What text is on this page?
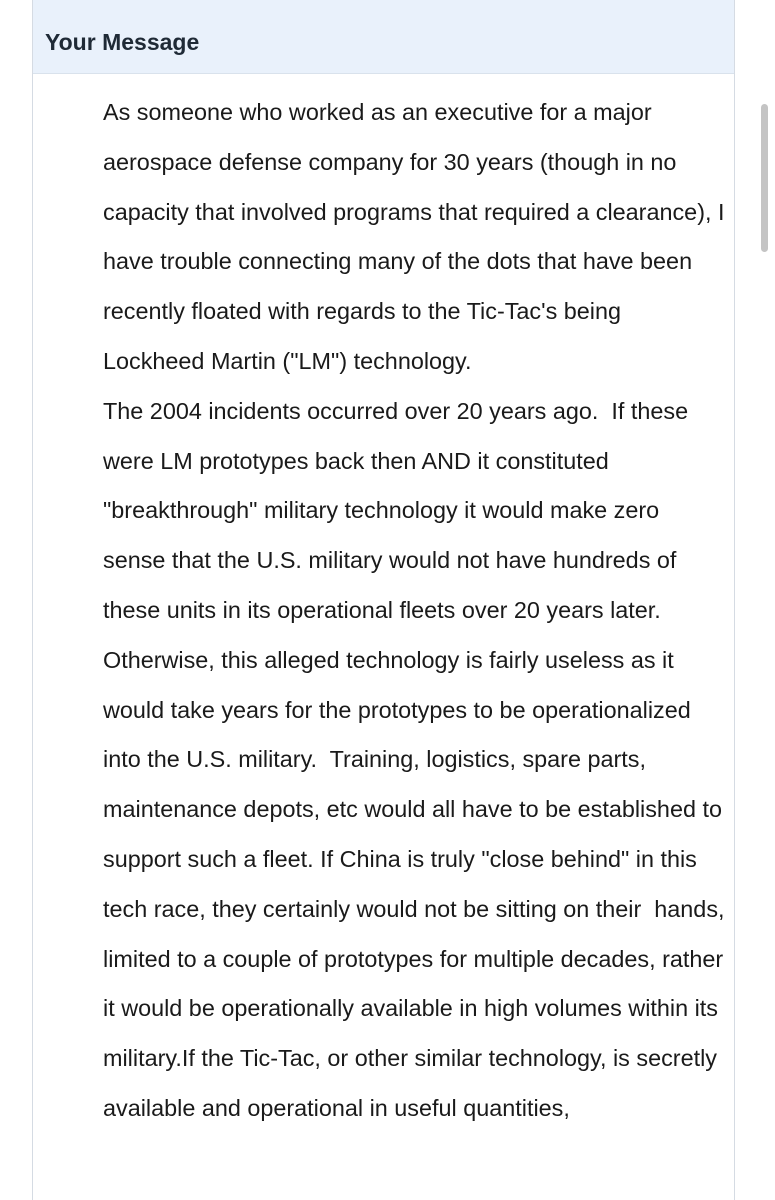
Your Message

As someone who worked as an executive for a major aerospace defense company for 30 years (though in no capacity that involved programs that required a clearance), I have trouble connecting many of the dots that have been recently floated with regards to the Tic-Tac's being Lockheed Martin ("LM") technology.

The 2004 incidents occurred over 20 years ago.  If these were LM prototypes back then AND it constituted "breakthrough" military technology it would make zero sense that the U.S. military would not have hundreds of these units in its operational fleets over 20 years later. Otherwise, this alleged technology is fairly useless as it would take years for the prototypes to be operationalized into the U.S. military.  Training, logistics, spare parts, maintenance depots, etc would all have to be established to support such a fleet. If China is truly "close behind" in this tech race, they certainly would not be sitting on their  hands, limited to a couple of prototypes for multiple decades, rather it would be operationally available in high volumes within its military.If the Tic-Tac, or other similar technology, is secretly available and operational in useful quantities,
